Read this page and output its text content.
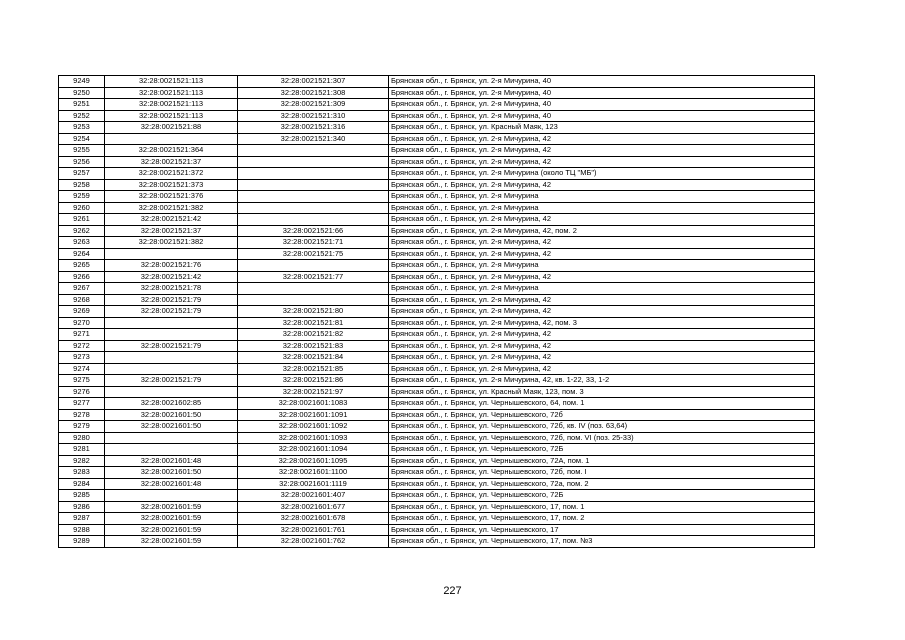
9249	32:28:0021521:113	32:28:0021521:307	Брянская обл., г. Брянск, ул. 2-я Мичурина, 40
9250	32:28:0021521:113	32:28:0021521:308	Брянская обл., г. Брянск, ул. 2-я Мичурина, 40
9251	32:28:0021521:113	32:28:0021521:309	Брянская обл., г. Брянск, ул. 2-я Мичурина, 40
9252	32:28:0021521:113	32:28:0021521:310	Брянская обл., г. Брянск, ул. 2-я Мичурина, 40
9253	32:28:0021521:88	32:28:0021521:316	Брянская обл., г. Брянск, ул. Красный Маяк, 123
9254		32:28:0021521:340	Брянская обл., г. Брянск, ул. 2-я Мичурина, 42
9255	32:28:0021521:364		Брянская обл., г. Брянск, ул. 2-я Мичурина, 42
9256	32:28:0021521:37		Брянская обл., г. Брянск, ул. 2-я Мичурина, 42
9257	32:28:0021521:372		Брянская обл., г. Брянск, ул. 2-я Мичурина (около ТЦ "МБ")
9258	32:28:0021521:373		Брянская обл., г. Брянск, ул. 2-я Мичурина, 42
9259	32:28:0021521:376		Брянская обл., г. Брянск, ул. 2-я Мичурина
9260	32:28:0021521:382		Брянская обл., г. Брянск, ул. 2-я Мичурина
9261	32:28:0021521:42		Брянская обл., г. Брянск, ул. 2-я Мичурина, 42
9262	32:28:0021521:37	32:28:0021521:66	Брянская обл., г. Брянск, ул. 2-я Мичурина, 42, пом. 2
9263	32:28:0021521:382	32:28:0021521:71	Брянская обл., г. Брянск, ул. 2-я Мичурина, 42
9264		32:28:0021521:75	Брянская обл., г. Брянск, ул. 2-я Мичурина, 42
9265	32:28:0021521:76		Брянская обл., г. Брянск, ул. 2-я Мичурина
9266	32:28:0021521:42	32:28:0021521:77	Брянская обл., г. Брянск, ул. 2-я Мичурина, 42
9267	32:28:0021521:78		Брянская обл., г. Брянск, ул. 2-я Мичурина
9268	32:28:0021521:79		Брянская обл., г. Брянск, ул. 2-я Мичурина, 42
9269	32:28:0021521:79	32:28:0021521:80	Брянская обл., г. Брянск, ул. 2-я Мичурина, 42
9270		32:28:0021521:81	Брянская обл., г. Брянск, ул. 2-я Мичурина, 42, пом. 3
9271		32:28:0021521:82	Брянская обл., г. Брянск, ул. 2-я Мичурина, 42
9272	32:28:0021521:79	32:28:0021521:83	Брянская обл., г. Брянск, ул. 2-я Мичурина, 42
9273		32:28:0021521:84	Брянская обл., г. Брянск, ул. 2-я Мичурина, 42
9274		32:28:0021521:85	Брянская обл., г. Брянск, ул. 2-я Мичурина, 42
9275	32:28:0021521:79	32:28:0021521:86	Брянская обл., г. Брянск, ул. 2-я Мичурина, 42, кв. 1-22, 33, 1-2
9276		32:28:0021521:97	Брянская обл., г. Брянск, ул. Красный Маяк, 123, пом. 3
9277	32:28:0021602:85	32:28:0021601:1083	Брянская обл., г. Брянск, ул. Чернышевского, 64, пом. 1
9278	32:28:0021601:50	32:28:0021601:1091	Брянская обл., г. Брянск, ул. Чернышевского, 72б
9279	32:28:0021601:50	32:28:0021601:1092	Брянская обл., г. Брянск, ул. Чернышевского, 72б, кв. IV (поз. 63,64)
9280		32:28:0021601:1093	Брянская обл., г. Брянск, ул. Чернышевского, 72б, пом. VI (поз. 25-33)
9281		32:28:0021601:1094	Брянская обл., г. Брянск, ул. Чернышевского, 72Б
9282	32:28:0021601:48	32:28:0021601:1095	Брянская обл., г. Брянск, ул. Чернышевского, 72А, пом. 1
9283	32:28:0021601:50	32:28:0021601:1100	Брянская обл., г. Брянск, ул. Чернышевского, 72б, пом. I
9284	32:28:0021601:48	32:28:0021601:1119	Брянская обл., г. Брянск, ул. Чернышевского, 72а, пом. 2
9285		32:28:0021601:407	Брянская обл., г. Брянск, ул. Чернышевского, 72Б
9286	32:28:0021601:59	32:28:0021601:677	Брянская обл., г. Брянск, ул. Чернышевского, 17, пом. 1
9287	32:28:0021601:59	32:28:0021601:678	Брянская обл., г. Брянск, ул. Чернышевского, 17, пом. 2
9288	32:28:0021601:59	32:28:0021601:761	Брянская обл., г. Брянск, ул. Чернышевского, 17
9289	32:28:0021601:59	32:28:0021601:762	Брянская обл., г. Брянск, ул. Чернышевского, 17, пом. №3
227
